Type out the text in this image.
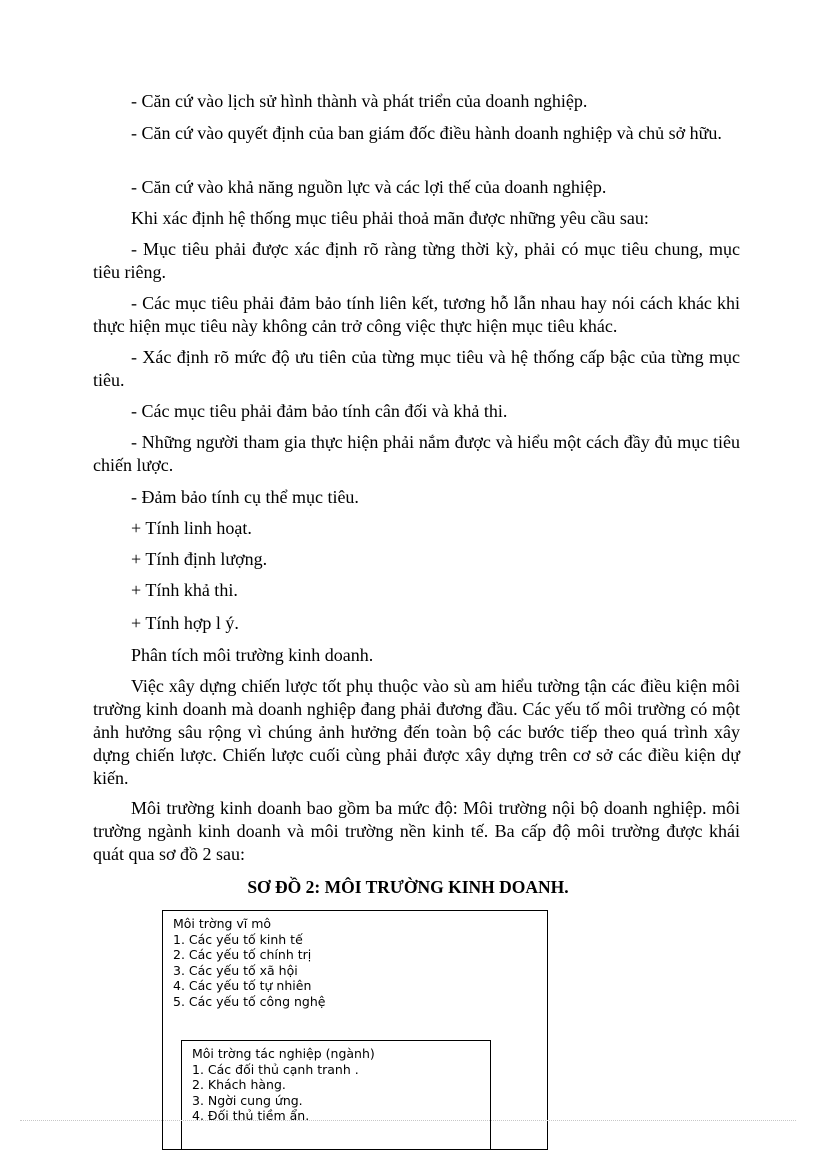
- Căn cứ vào lịch sử hình thành và phát triển của doanh nghiệp.

- Căn cứ vào quyết định của ban giám đốc điều hành doanh nghiệp và chủ sở hữu.

- Căn cứ vào khả năng nguồn lực và các lợi thế của doanh nghiệp.

Khi xác định hệ thống mục tiêu phải thoả mãn được những yêu cầu sau:

- Mục tiêu phải được xác định rõ ràng từng thời kỳ, phải có mục tiêu chung, mục tiêu riêng.

- Các mục tiêu phải đảm bảo tính liên kết, tương hỗ lẫn nhau hay nói cách khác khi thực hiện mục tiêu này không cản trở công việc thực hiện mục tiêu khác.

- Xác định rõ mức độ ưu tiên của từng mục tiêu và hệ thống cấp bậc của từng mục tiêu.

- Các mục tiêu phải đảm bảo tính cân đối và khả thi.

- Những người tham gia thực hiện phải nắm được và hiểu một cách đầy đủ mục tiêu chiến lược.

- Đảm bảo tính cụ thể mục tiêu.

+ Tính linh hoạt.

+ Tính định lượng.

+ Tính khả thi.

+ Tính hợp l ý.

Phân tích môi trường kinh doanh.

Việc xây dựng chiến lược tốt phụ thuộc vào sù am hiểu tường tận các điều kiện môi trường kinh doanh mà doanh nghiệp đang phải đương đầu. Các yếu tố môi trường có một ảnh hưởng sâu rộng vì chúng ảnh hưởng đến toàn bộ các bước tiếp theo quá trình xây dựng chiến lược. Chiến lược cuối cùng phải được xây dựng trên cơ sở các điều kiện dự kiến.

Môi trường kinh doanh bao gồm ba mức độ: Môi trường nội bộ doanh nghiệp. môi trường ngành kinh doanh và môi trường nền kinh tế. Ba cấp độ môi trường được khái quát qua sơ đồ 2 sau:

SƠ ĐỒ 2: MÔI TRƯỜNG KINH DOANH.
Môi trờng vĩ mô
1. Các yếu tố kinh tế
2. Các yếu tố chính trị
3. Các yếu tố xã hội
4. Các yếu tố tự nhiên
5. Các yếu tố công nghệ
Môi trờng tác nghiệp (ngành)
1. Các đối thủ cạnh tranh .
2. Khách hàng.
3. Ngời cung ứng.
4. Đối thủ tiềm ẩn.
